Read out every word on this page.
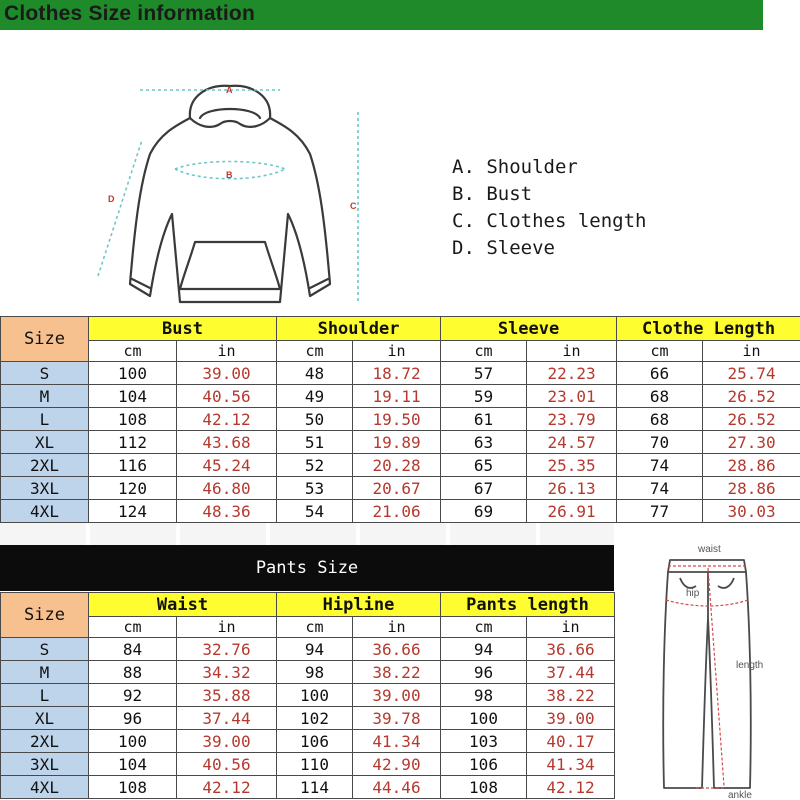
Clothes Size information
A
B
C
D
A. Shoulder
B. Bust
C. Clothes length
D. Sleeve
Size	Bust		Shoulder		Sleeve		Clothe Length	
	cm	in	cm	in	cm	in	cm	in
S	100	39.00	48	18.72	57	22.23	66	25.74
M	104	40.56	49	19.11	59	23.01	68	26.52
L	108	42.12	50	19.50	61	23.79	68	26.52
XL	112	43.68	51	19.89	63	24.57	70	27.30
2XL	116	45.24	52	20.28	65	25.35	74	28.86
3XL	120	46.80	53	20.67	67	26.13	74	28.86
4XL	124	48.36	54	21.06	69	26.91	77	30.03
Pants Size
Size	Waist		Hipline		Pants length	
	cm	in	cm	in	cm	in
S	84	32.76	94	36.66	94	36.66
M	88	34.32	98	38.22	96	37.44
L	92	35.88	100	39.00	98	38.22
XL	96	37.44	102	39.78	100	39.00
2XL	100	39.00	106	41.34	103	40.17
3XL	104	40.56	110	42.90	106	41.34
4XL	108	42.12	114	44.46	108	42.12
waist
hip
length
ankle
